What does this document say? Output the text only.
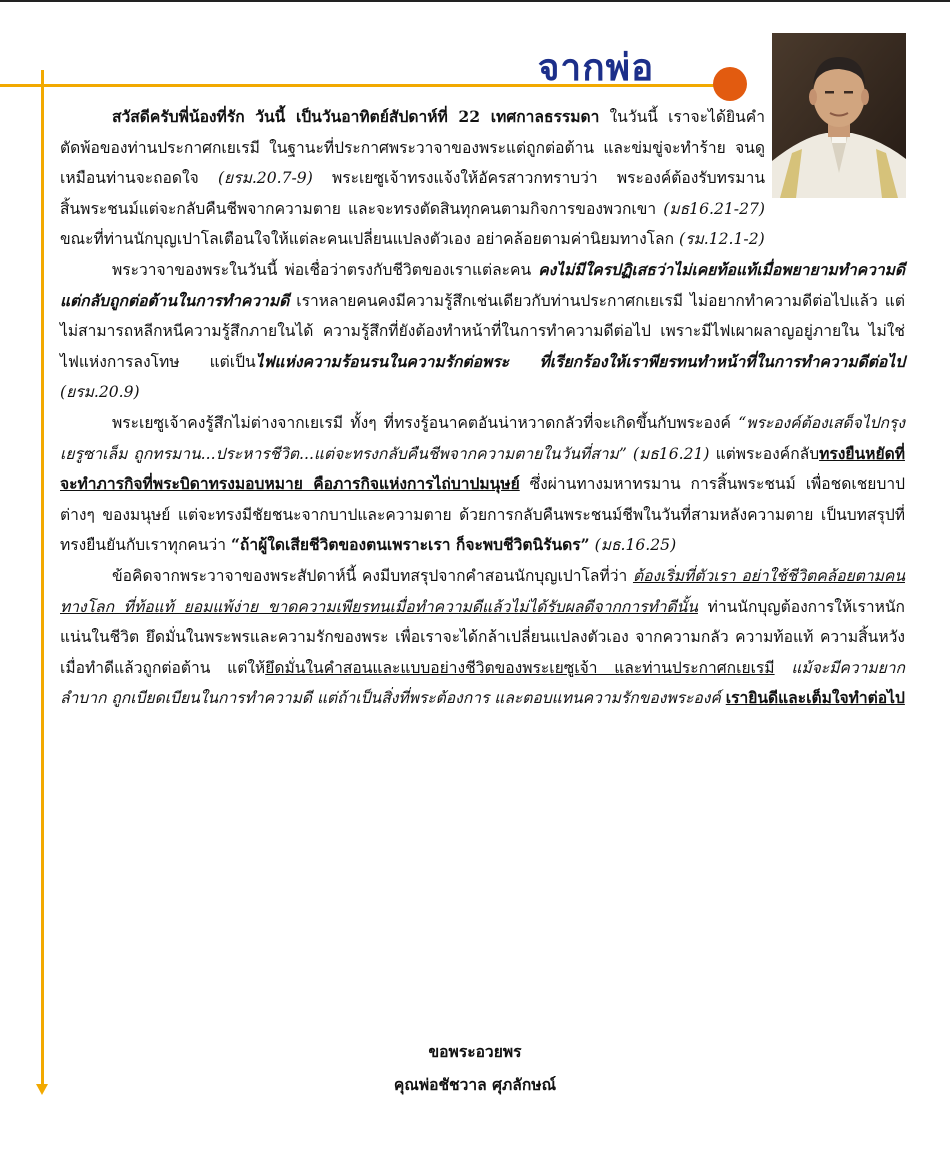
จากพ่อ

สวัสดีครับพี่น้องที่รัก วันนี้ เป็นวันอาทิตย์สัปดาห์ที่ 22 เทศกาลธรรมดา ในวันนี้ เราจะได้ยินคำตัดพ้อของท่านประกาศกเยเรมี ในฐานะที่ประกาศพระวาจาของพระแต่ถูกต่อต้าน และข่มขู่จะทำร้าย จนดูเหมือนท่านจะถอดใจ (ยรม.20.7-9) พระเยซูเจ้าทรงแจ้งให้อัครสาวกทราบว่า พระองค์ต้องรับทรมาน สิ้นพระชนม์แต่จะกลับคืนชีพจากความตาย และจะทรงตัดสินทุกคนตามกิจการของพวกเขา (มธ16.21-27) ขณะที่ท่านนักบุญเปาโลเตือนใจให้แต่ละคนเปลี่ยนแปลงตัวเอง อย่าคล้อยตามค่านิยมทางโลก (รม.12.1-2)

พระวาจาของพระในวันนี้ พ่อเชื่อว่าตรงกับชีวิตของเราแต่ละคน คงไม่มีใครปฏิเสธว่าไม่เคยท้อแท้เมื่อพยายามทำความดี แต่กลับถูกต่อต้านในการทำความดี เราหลายคนคงมีความรู้สึกเช่นเดียวกับท่านประกาศกเยเรมี ไม่อยากทำความดีต่อไปแล้ว แต่ไม่สามารถหลีกหนีความรู้สึกภายในได้ ความรู้สึกที่ยังต้องทำหน้าที่ในการทำความดีต่อไป เพราะมีไฟเผาผลาญอยู่ภายใน ไม่ใช่ไฟแห่งการลงโทษ แต่เป็นไฟแห่งความร้อนรนในความรักต่อพระ ที่เรียกร้องให้เราพียรทนทำหน้าที่ในการทำความดีต่อไป (ยรม.20.9)

พระเยซูเจ้าคงรู้สึกไม่ต่างจากเยเรมี ทั้งๆ ที่ทรงรู้อนาคตอันน่าหวาดกลัวที่จะเกิดขึ้นกับพระองค์ “พระองค์ต้องเสด็จไปกรุงเยรูซาเล็ม ถูกทรมาน...ประหารชีวิต...แต่จะทรงกลับคืนชีพจากความตายในวันที่สาม” (มธ16.21) แต่พระองค์กลับทรงยืนหยัดที่จะทำภารกิจที่พระบิดาทรงมอบหมาย คือภารกิจแห่งการไถ่บาปมนุษย์ ซึ่งผ่านทางมหาทรมาน การสิ้นพระชนม์ เพื่อชดเชยบาปต่างๆ ของมนุษย์ แต่จะทรงมีชัยชนะจากบาปและความตาย ด้วยการกลับคืนพระชนม์ชีพในวันที่สามหลังความตาย เป็นบทสรุปที่ทรงยืนยันกับเราทุกคนว่า “ถ้าผู้ใดเสียชีวิตของตนเพราะเรา ก็จะพบชีวิตนิรันดร” (มธ.16.25)

ข้อคิดจากพระวาจาของพระสัปดาห์นี้ คงมีบทสรุปจากคำสอนนักบุญเปาโลที่ว่า ต้องเริ่มที่ตัวเรา อย่าใช้ชีวิตคล้อยตามคนทางโลก ที่ท้อแท้ ยอมแพ้ง่าย ขาดความเพียรทนเมื่อทำความดีแล้วไม่ได้รับผลดีจากการทำดีนั้น ท่านนักบุญต้องการให้เราหนักแน่นในชีวิต ยึดมั่นในพระพรและความรักของพระ เพื่อเราจะได้กล้าเปลี่ยนแปลงตัวเอง จากความกลัว ความท้อแท้ ความสิ้นหวังเมื่อทำดีแล้วถูกต่อต้าน แต่ให้ยึดมั่นในคำสอนและแบบอย่างชีวิตของพระเยซูเจ้า และท่านประกาศกเยเรมี แม้จะมีความยากลำบาก ถูกเบียดเบียนในการทำความดี แต่ถ้าเป็นสิ่งที่พระต้องการ และตอบแทนความรักของพระองค์ เรายินดีและเต็มใจทำต่อไป

ขอพระอวยพร
คุณพ่อชัชวาล ศุภลักษณ์
